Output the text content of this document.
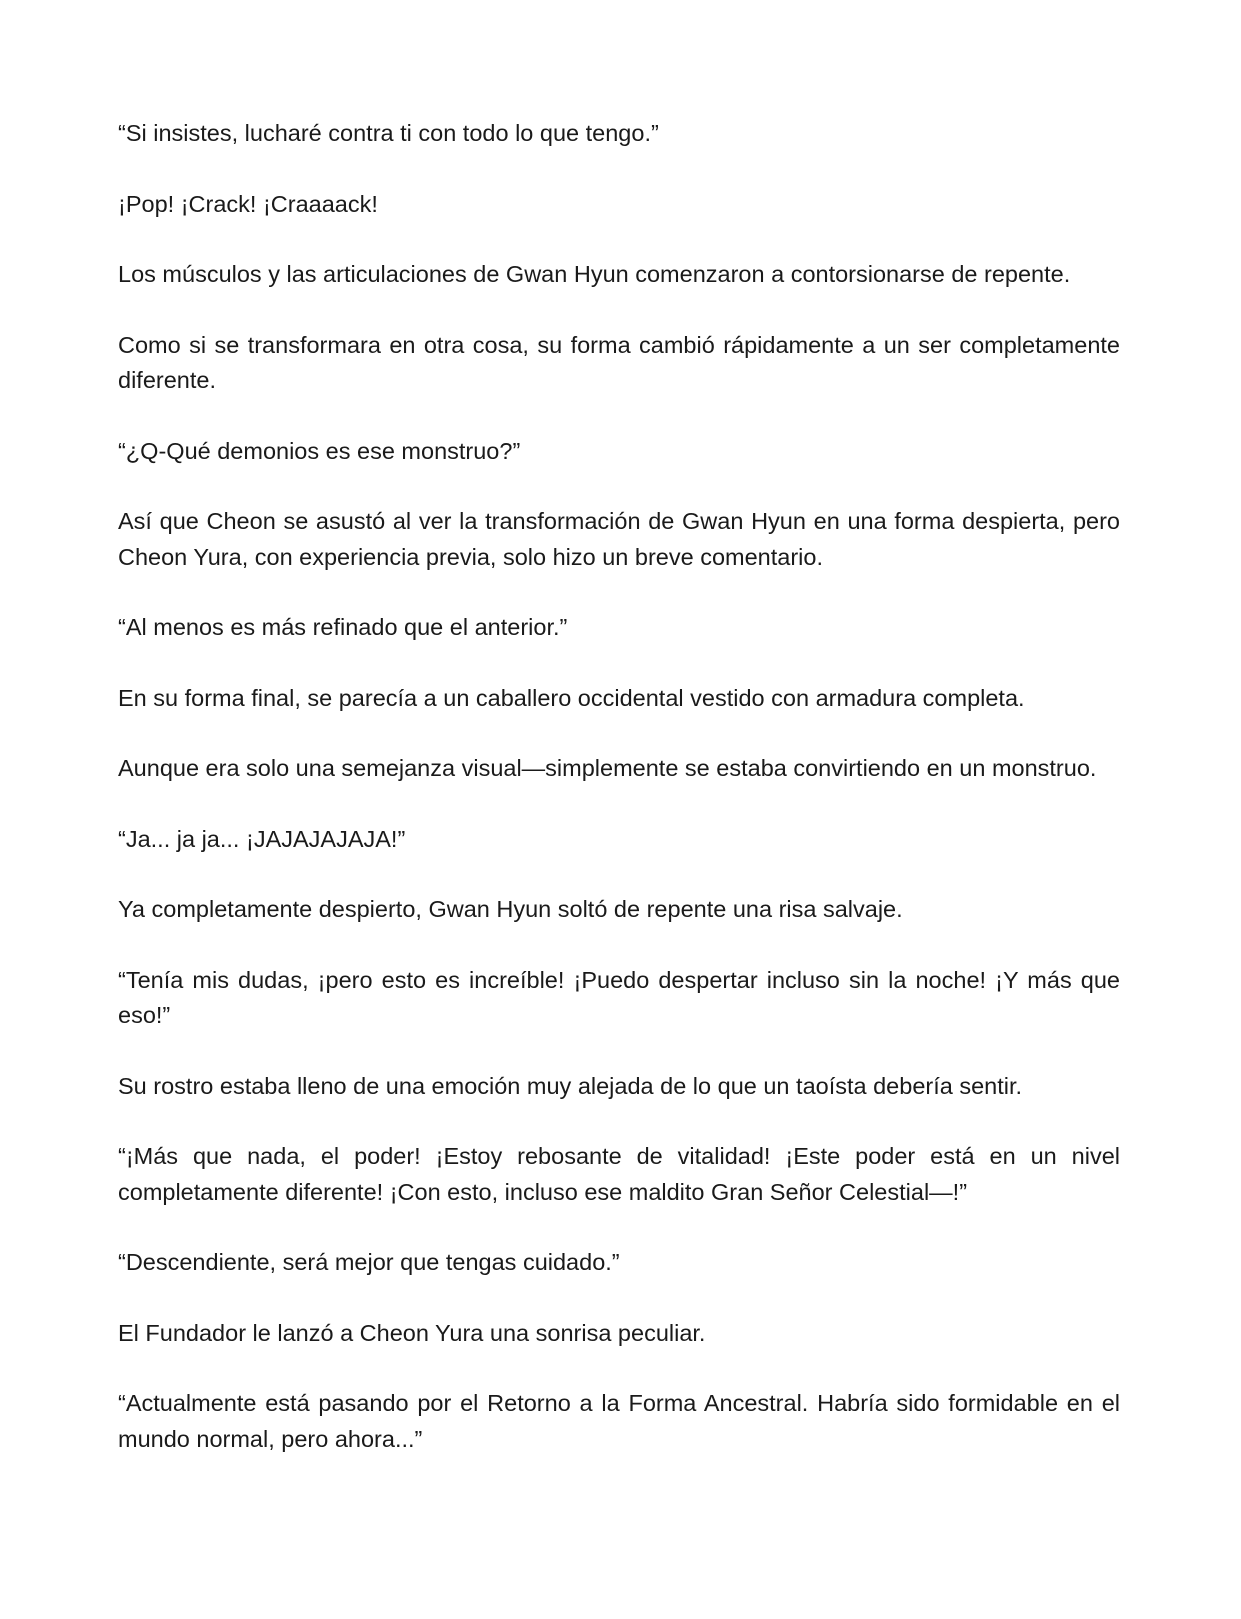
“Si insistes, lucharé contra ti con todo lo que tengo.”

¡Pop! ¡Crack! ¡Craaaack!

Los músculos y las articulaciones de Gwan Hyun comenzaron a contorsionarse de repente.

Como si se transformara en otra cosa, su forma cambió rápidamente a un ser completamente diferente.

“¿Q-Qué demonios es ese monstruo?”

Así que Cheon se asustó al ver la transformación de Gwan Hyun en una forma despierta, pero Cheon Yura, con experiencia previa, solo hizo un breve comentario.

“Al menos es más refinado que el anterior.”

En su forma final, se parecía a un caballero occidental vestido con armadura completa.

Aunque era solo una semejanza visual—simplemente se estaba convirtiendo en un monstruo.

“Ja... ja ja... ¡JAJAJAJAJA!”

Ya completamente despierto, Gwan Hyun soltó de repente una risa salvaje.

“Tenía mis dudas, ¡pero esto es increíble! ¡Puedo despertar incluso sin la noche! ¡Y más que eso!”

Su rostro estaba lleno de una emoción muy alejada de lo que un taoísta debería sentir.

“¡Más que nada, el poder! ¡Estoy rebosante de vitalidad! ¡Este poder está en un nivel completamente diferente! ¡Con esto, incluso ese maldito Gran Señor Celestial—!”

“Descendiente, será mejor que tengas cuidado.”

El Fundador le lanzó a Cheon Yura una sonrisa peculiar.

“Actualmente está pasando por el Retorno a la Forma Ancestral. Habría sido formidable en el mundo normal, pero ahora...”
